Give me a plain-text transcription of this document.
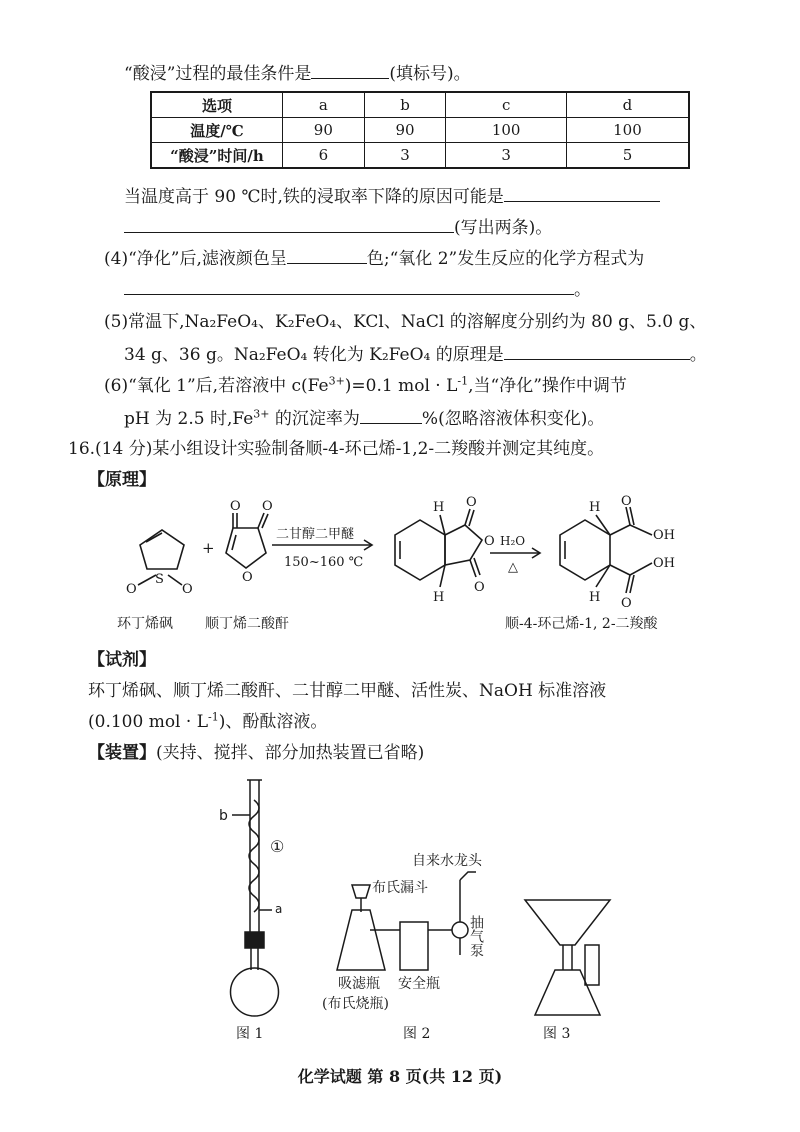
“酸浸”过程的最佳条件是	(填标号)。
选项	a	b	c	d
温度/℃	90	90	100	100
“酸浸”时间/h	6	3	3	5
当温度高于 90 ℃时,铁的浸取率下降的原因可能是
(写出两条)。
(4)“净化”后,滤液颜色呈	色;“氧化 2”发生反应的化学方程式为
。
(5)常温下,Na₂FeO₄、K₂FeO₄、KCl、NaCl 的溶解度分别约为 80 g、5.0 g、
34 g、36 g。Na₂FeO₄ 转化为 K₂FeO₄ 的原理是	。
(6)“氧化 1”后,若溶液中 $c(Fe^{3+})=0.1$ mol · $L^{-1}$,当“净化”操作中调节
pH 为 2.5 时$,Fe^{3+}$ 的沉淀率为	%(忽略溶液体积变化)。
16.(14 分)某小组设计实验制备顺-4-环己烯-1,2-二羧酸并测定其纯度。
【原理】
S
O	O
+
O O
O
二甘醇二甲醚
150~160 ℃
O
O
O
H
H
H₂O
△
O
O
OH
OH
H
H
环丁烯砜 顺丁烯二酸酐	顺-4-环己烯-1, 2-二羧酸
【试剂】
环丁烯砜、顺丁烯二酸酐、二甘醇二甲醚、活性炭、NaOH 标准溶液
(0.100 mol · $L^{-1}$)、酚酞溶液。
【装置】(夹持、搅拌、部分加热装置已省略)
b
a
①
图 1
布氏漏斗
自来水龙头
抽气泵
吸滤瓶
(布氏烧瓶)
安全瓶
图 2	图 3
化学试题 第 8 页(共 12 页)
